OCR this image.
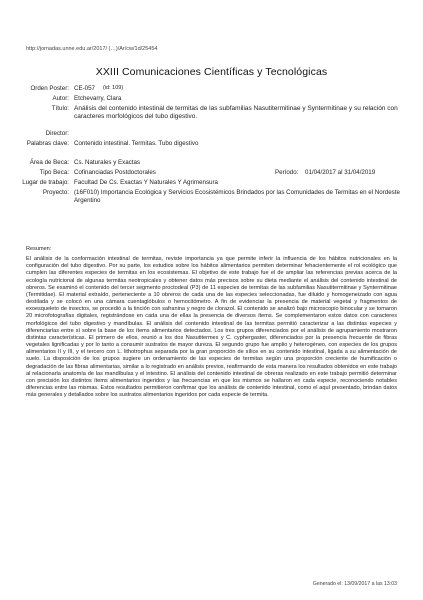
http://jornadas.unne.edu.ar/2017/ (…)/Ar/cw/1d/25454
XXIII Comunicaciones Científicas y Tecnológicas
Orden Poster: CE-057 (id: 109)
Autor: Etchevarry, Clara
Título: Análisis del contenido intestinal de termitas de las subfamilias Nasutitermitinae y Syntermitinae y su relación con caracteres morfológicos del tubo digestivo.
Director:
Palabras clave: Contenido intestinal. Termitas. Tubo digestivo
Área de Beca: Cs. Naturales y Exactas
Tipo Beca: Cofinanciadas Postdoctorales	Período: 01/04/2017 al 31/04/2019
Lugar de trabajo: Facultad De Cs. Exactas Y Naturales Y Agrimensura
Proyecto: (16F010) Importancia Ecológica y Servicios Ecosistémicos Brindados por las Comunidades de Termitas en el Nordeste Argentino
Resumen:
El análisis de la conformación intestinal de termitas, reviste importancia ya que permite inferir la influencia de los hábitos nutricionales en la configuración del tubo digestivo. Por su parte, los estudios sobre los hábitos alimentarios permiten determinar fehacientemente el rol ecológico que cumplen las diferentes especies de termitas en los ecosistemas. El objetivo de este trabajo fue el de ampliar las referencias previas acerca de la ecología nutricional de algunas termitas neotropicales y obtener datos más precisos sobre su dieta mediante el análisis del contenido intestinal de obreros. Se examinó el contenido del tercer segmento proctodeal (P3) de 11 especies de termitas de las subfamilias Nasutitermitinae y Syntermitinae (Termitidae). El material extraído, perteneciente a 10 obreros de cada una de las especies seleccionadas, fue diluido y homogeneizado con agua destilada y se colocó en una cámara cuentaglóbulos o hemocitómetro. A fin de evidenciar la presencia de material vegetal y fragmentos de exoesqueleto de insectos, se procedió a la tinción con safranina y negro de clorazol. El contenido se analizó bajo microscopio binocular y se tomaron 20 microfotografías digitales, registrándose en cada una de ellas la presencia de diversos ítems. Se complementaron estos datos con caracteres morfológicos del tubo digestivo y mandíbulas. El análisis del contenido intestinal de las termitas permitió caracterizar a las distintas especies y diferenciarlas entre sí sobre la base de los ítems alimentarios detectados. Los tres grupos diferenciados por el análisis de agrupamiento mostraron distintas características. El primero de ellos, reunió a los dos Nasutitermes y C. cyphergaster, diferenciados por la presencia frecuente de fibras vegetales lignificadas y por lo tanto a consumir sustratos de mayor dureza. El segundo grupo fue amplio y heterogéneo, con especies de los grupos alimentarios II y III, y el tercero con L. lithotrophus separada por la gran proporción de sílice en su contenido intestinal, ligada a su alimentación de suelo. La disposición de los grupos sugiere un ordenamiento de las especies de termitas según una proporción creciente de humificación o degradación de las fibras alimentarias, similar a lo registrado en análisis previos, reafirmando de esta manera los resultados obtenidos en este trabajo al relacionarla anatomía de las mandíbulas y el intestino. El análisis del contenido intestinal de obreras realizado en este trabajo permitió determinar con precisión los distintos ítems alimentarios ingeridos y las frecuencias en que los mismos se hallaron en cada especie, reconociendo notables diferencias entre las mismas. Estos resultados permitieron confirmar que los análisis de contenido intestinal, como el aquí presentado, brindan datos más generales y detallados sobre los sustratos alimentarios ingeridos por cada especie de termita.
Generado el: 13/09/2017 a las 13:03
